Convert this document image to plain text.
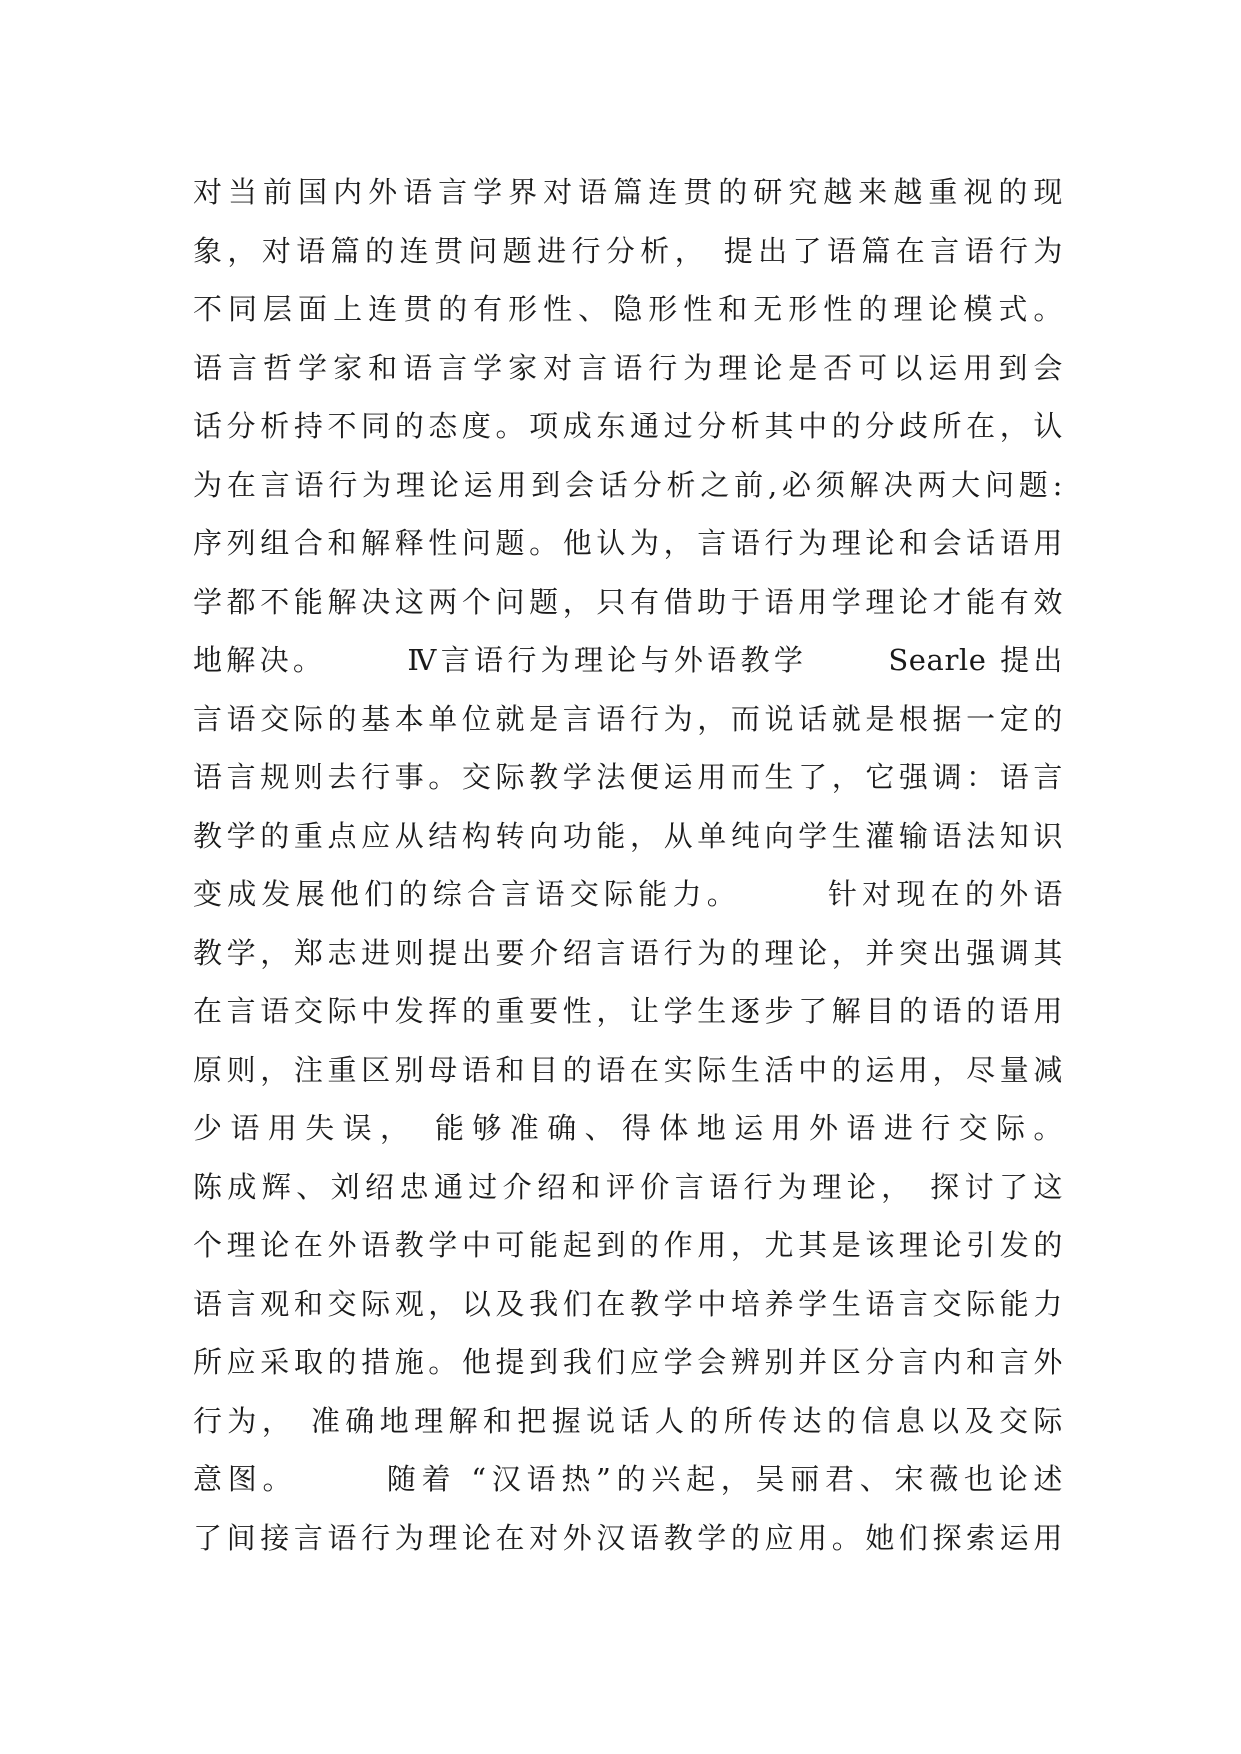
对当前国内外语言学界对语篇连贯的研究越来越重视的现
象，对语篇的连贯问题进行分析， 提出了语篇在言语行为
不同层面上连贯的有形性、隐形性和无形性的理论模式。
语言哲学家和语言学家对言语行为理论是否可以运用到会
话分析持不同的态度。项成东通过分析其中的分歧所在，认
为在言语行为理论运用到会话分析之前,必须解决两大问题:
序列组合和解释性问题。他认为，言语行为理论和会话语用
学都不能解决这两个问题，只有借助于语用学理论才能有效
地解决。      Ⅳ言语行为理论与外语教学      Searle 提出
言语交际的基本单位就是言语行为，而说话就是根据一定的
语言规则去行事。交际教学法便运用而生了，它强调：语言
教学的重点应从结构转向功能，从单纯向学生灌输语法知识
变成发展他们的综合言语交际能力。      针对现在的外语
教学，郑志进则提出要介绍言语行为的理论，并突出强调其
在言语交际中发挥的重要性，让学生逐步了解目的语的语用
原则，注重区别母语和目的语在实际生活中的运用，尽量减
少语用失误， 能够准确、得体地运用外语进行交际。
陈成辉、刘绍忠通过介绍和评价言语行为理论， 探讨了这
个理论在外语教学中可能起到的作用，尤其是该理论引发的
语言观和交际观，以及我们在教学中培养学生语言交际能力
所应采取的措施。他提到我们应学会辨别并区分言内和言外
行为， 准确地理解和把握说话人的所传达的信息以及交际
意图。      随着 “汉语热”的兴起，吴丽君、宋薇也论述
了间接言语行为理论在对外汉语教学的应用。她们探索运用
